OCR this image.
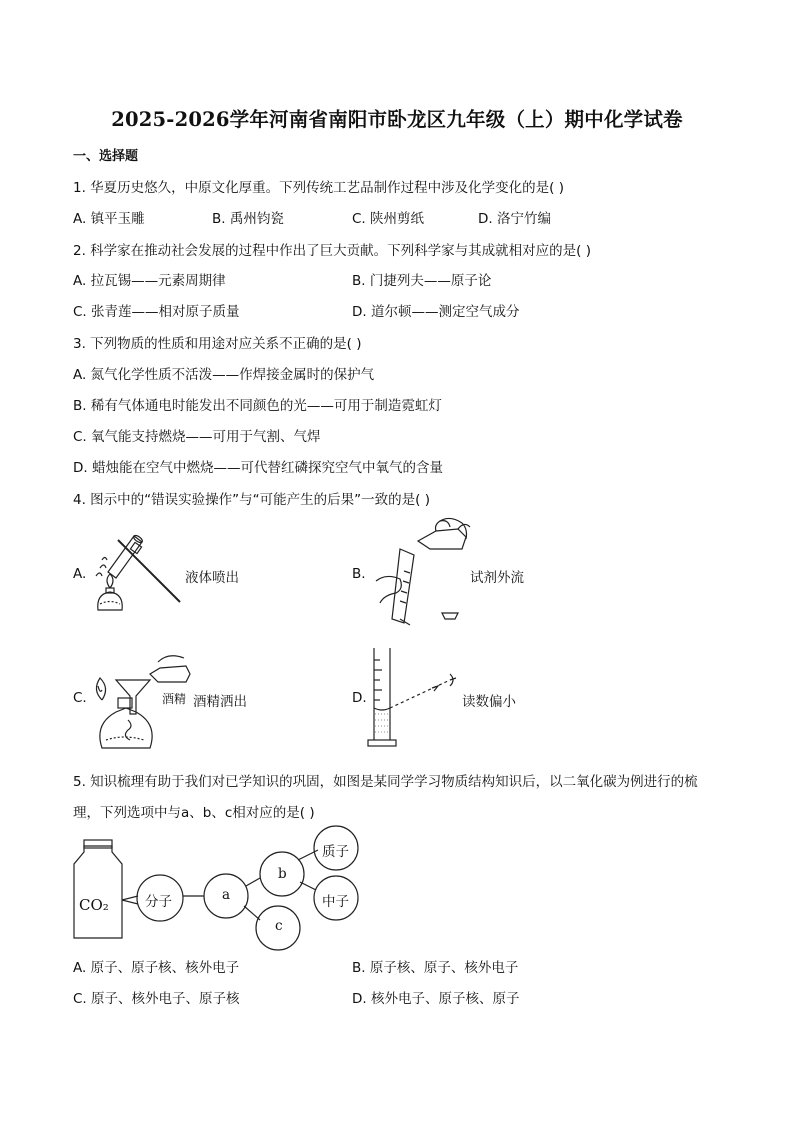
2025-2026学年河南省南阳市卧龙区九年级（上）期中化学试卷
一、选择题
1. 华夏历史悠久，中原文化厚重。下列传统工艺品制作过程中涉及化学变化的是( )
A. 镇平玉雕	B. 禹州钧瓷	C. 陕州剪纸	D. 洛宁竹编
2. 科学家在推动社会发展的过程中作出了巨大贡献。下列科学家与其成就相对应的是( )
A. 拉瓦锡——元素周期律	B. 门捷列夫——原子论
C. 张青莲——相对原子质量	D. 道尔顿——测定空气成分
3. 下列物质的性质和用途对应关系不正确的是( )
A. 氮气化学性质不活泼——作焊接金属时的保护气
B. 稀有气体通电时能发出不同颜色的光——可用于制造霓虹灯
C. 氧气能支持燃烧——可用于气割、气焊
D. 蜡烛能在空气中燃烧——可代替红磷探究空气中氧气的含量
4. 图示中的“错误实验操作”与“可能产生的后果”一致的是( )
A.	液体喷出	B.	试剂外流
C.	酒精 酒精洒出	D.	读数偏小
5. 知识梳理有助于我们对已学知识的巩固，如图是某同学学习物质结构知识后，以二氧化碳为例进行的梳
理，下列选项中与a、b、c相对应的是( )
CO₂	分子	a
b
c
质子
中子
A. 原子、原子核、核外电子	B. 原子核、原子、核外电子
C. 原子、核外电子、原子核	D. 核外电子、原子核、原子
